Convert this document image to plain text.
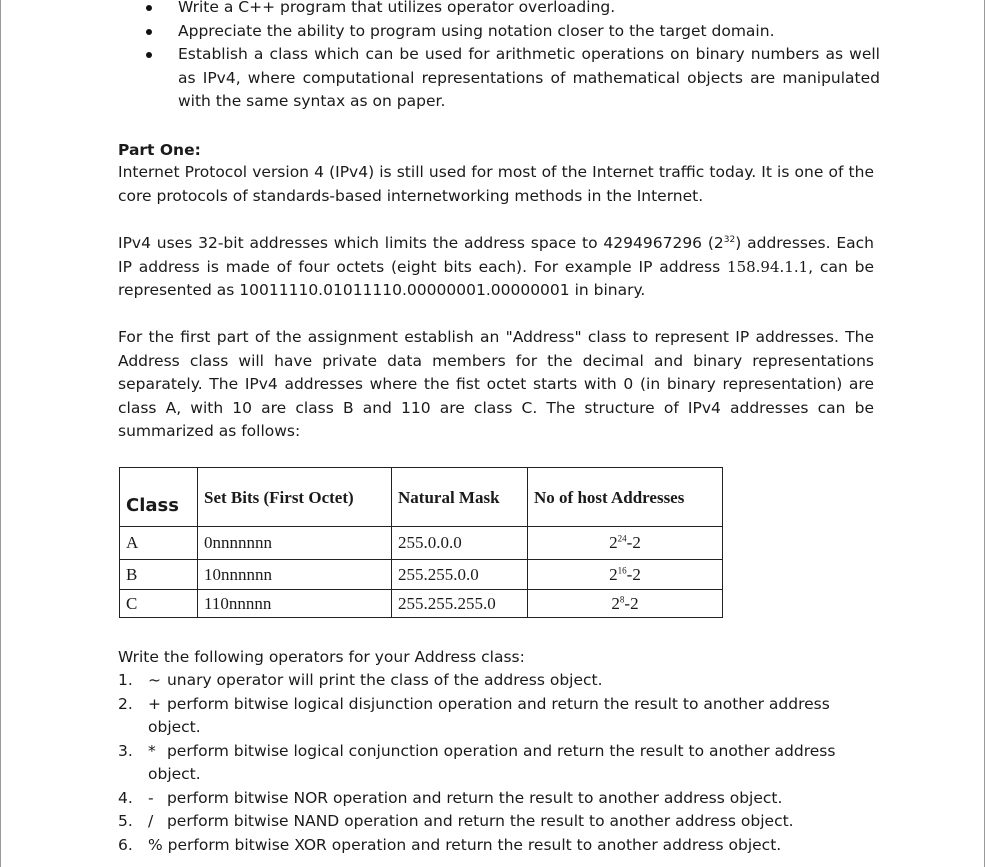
Write a C++ program that utilizes operator overloading.
Appreciate the ability to program using notation closer to the target domain.
Establish a class which can be used for arithmetic operations on binary numbers as well as IPv4, where computational representations of mathematical objects are manipulated with the same syntax as on paper.
Part One:

Internet Protocol version 4 (IPv4) is still used for most of the Internet traffic today. It is one of the core protocols of standards-based internetworking methods in the Internet.

IPv4 uses 32-bit addresses which limits the address space to 4294967296 $(2^{32})$ addresses. Each IP address is made of four octets (eight bits each). For example IP address 158.94.1.1, can be represented as 10011110.01011110.00000001.00000001 in binary.

For the first part of the assignment establish an "Address" class to represent IP addresses. The Address class will have private data members for the decimal and binary representations separately. The IPv4 addresses where the fist octet starts with 0 (in binary representation) are class A, with 10 are class B and 110 are class C. The structure of IPv4 addresses can be summarized as follows:

Class	Set Bits (First Octet)	Natural Mask	No of host Addresses
A	0nnnnnnn	255.0.0.0	$2^{24}-2$
B	10nnnnnn	255.255.0.0	$2^{16}-2$
C	110nnnnn	255.255.255.0	$2^8-2$
Write the following operators for your Address class:
1. ~ unary operator will print the class of the address object.
2. + perform bitwise logical disjunction operation and return the result to another address object.
3. * perform bitwise logical conjunction operation and return the result to another address object.
4. - perform bitwise NOR operation and return the result to another address object.
5. / perform bitwise NAND operation and return the result to another address object.
6. % perform bitwise XOR operation and return the result to another address object.
